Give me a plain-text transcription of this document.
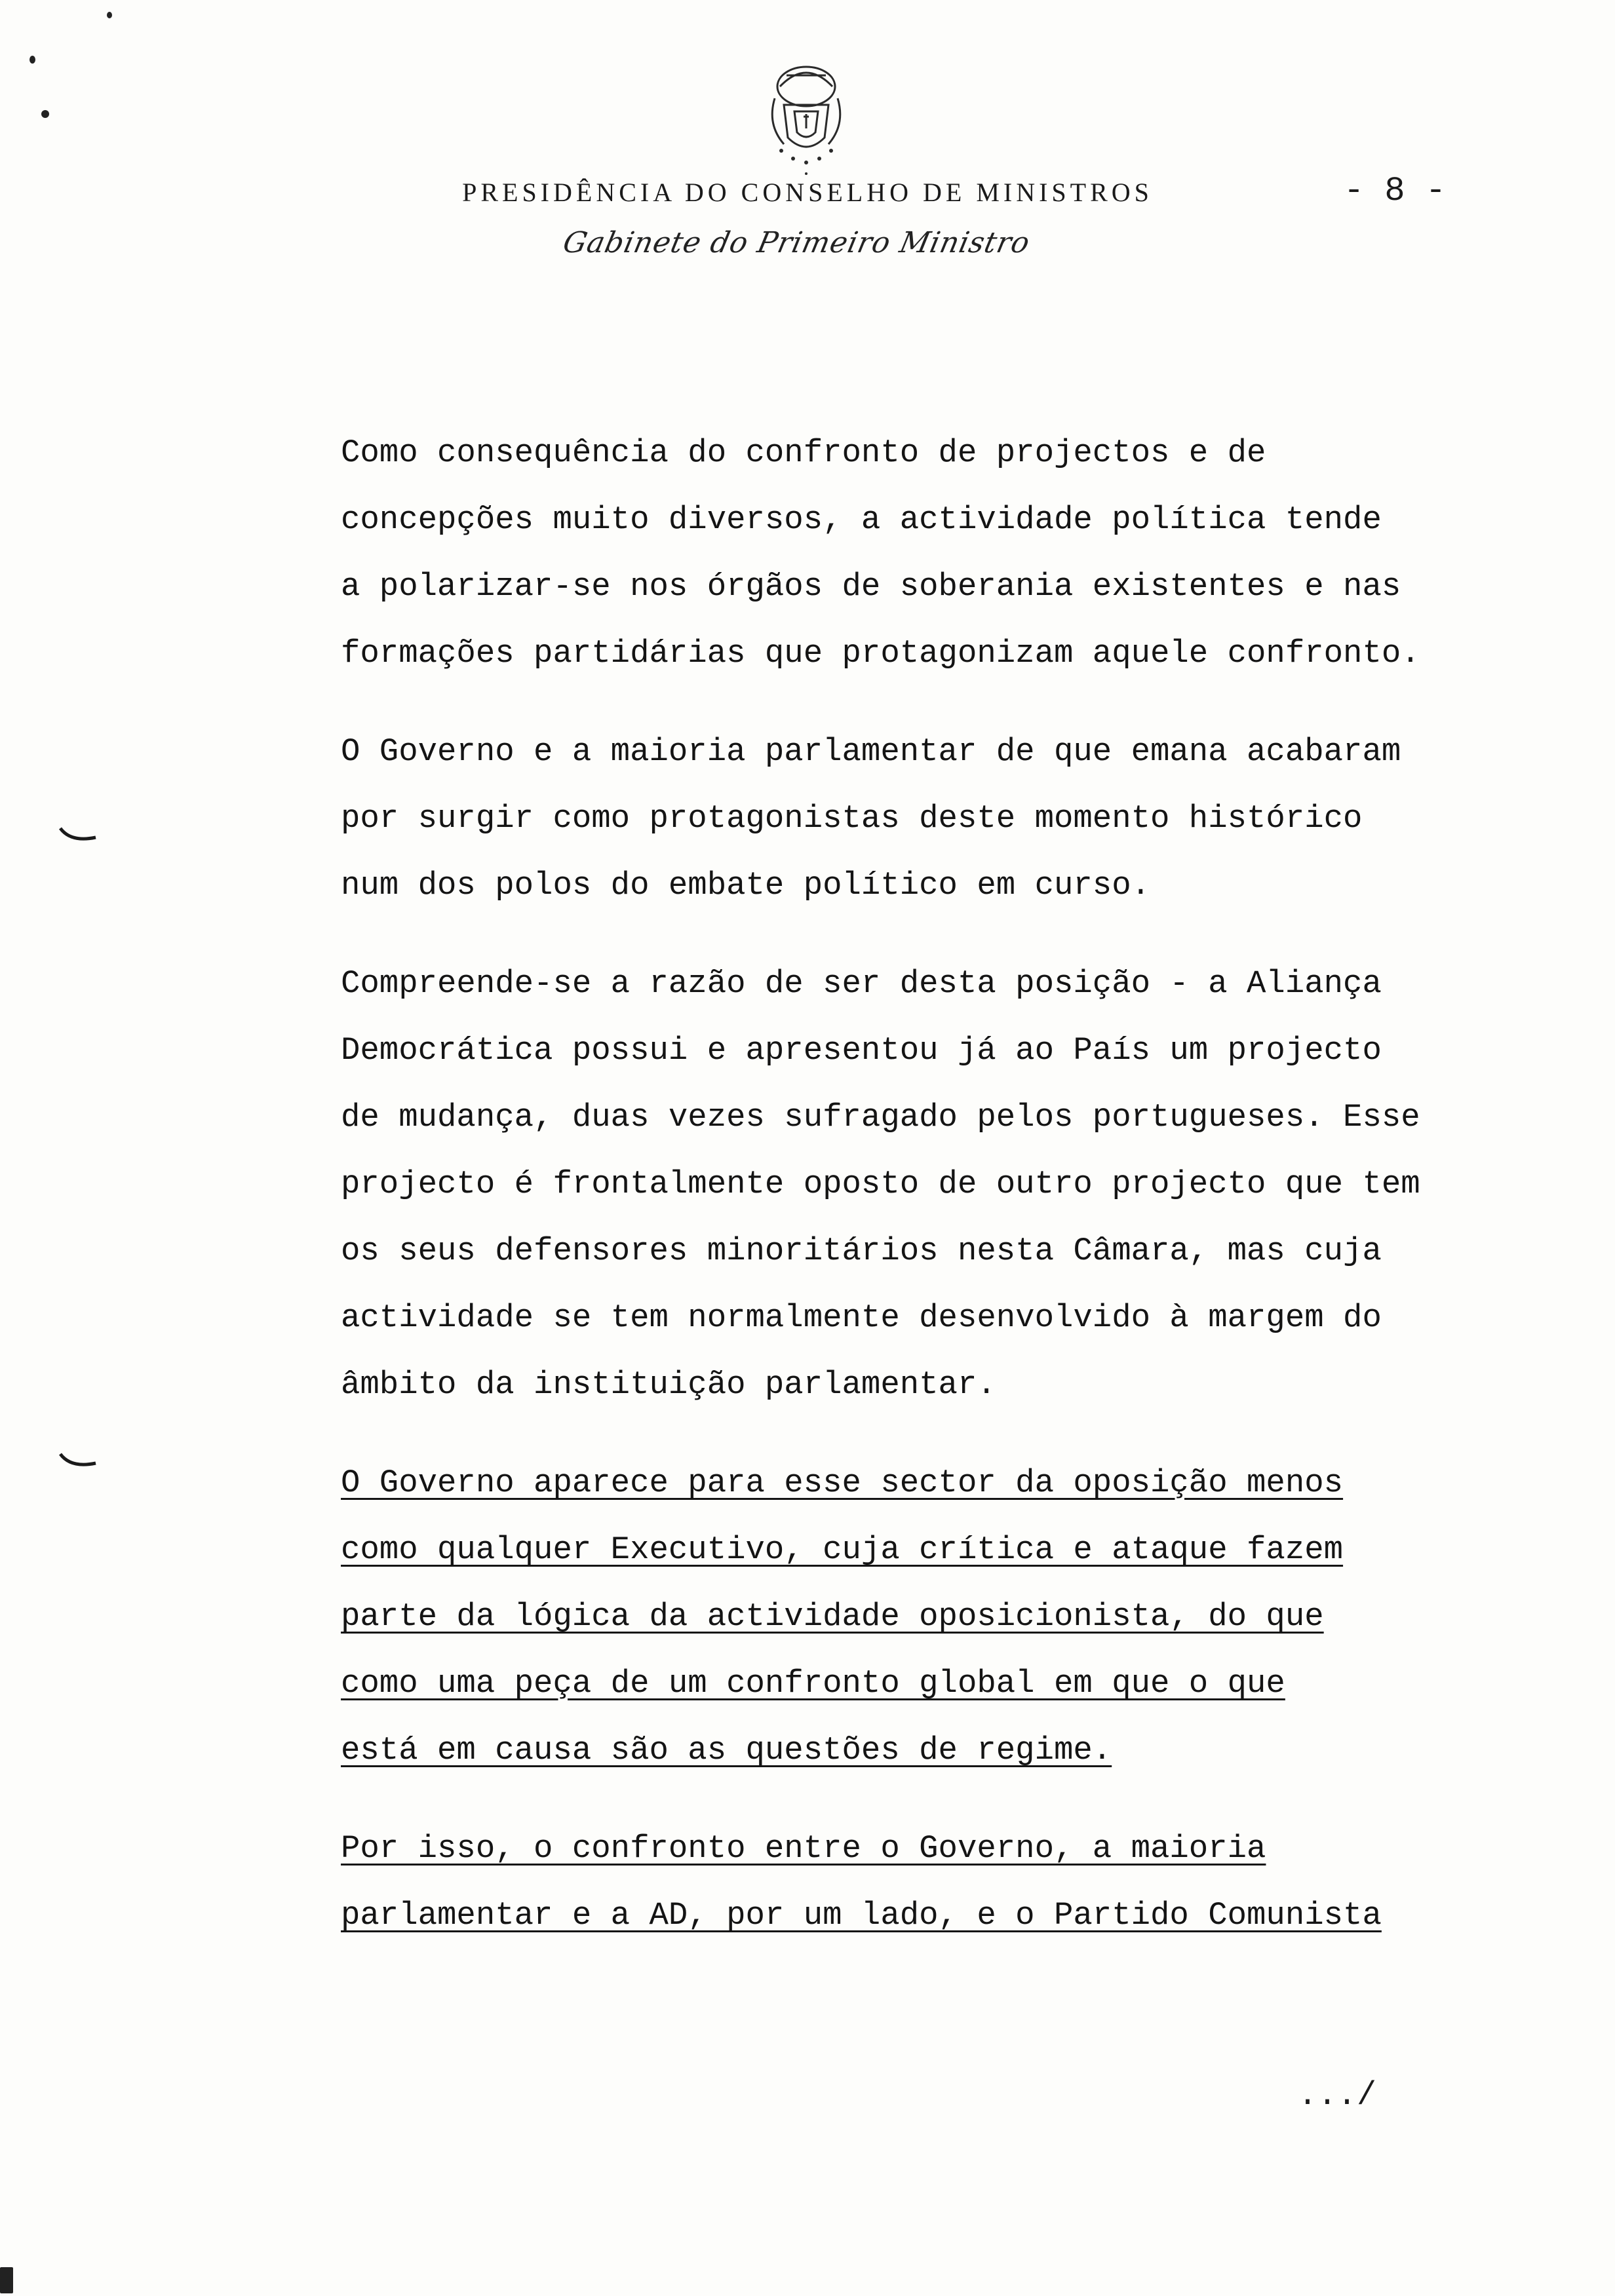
PRESIDÊNCIA DO CONSELHO DE MINISTROS	- 8 -
Gabinete do Primeiro Ministro
Como consequência do confronto de projectos e de
concepções muito diversos, a actividade política tende
a polarizar-se nos órgãos de soberania existentes e nas
formações partidárias que protagonizam aquele confronto.
O Governo e a maioria parlamentar de que emana acabaram
por surgir como protagonistas deste momento histórico
num dos polos do embate político em curso.
Compreende-se a razão de ser desta posição - a Aliança
Democrática possui e apresentou já ao País um projecto
de mudança, duas vezes sufragado pelos portugueses. Esse
projecto é frontalmente oposto de outro projecto que tem
os seus defensores minoritários nesta Câmara, mas cuja
actividade se tem normalmente desenvolvido à margem do
âmbito da instituição parlamentar.
O Governo aparece para esse sector da oposição menos
como qualquer Executivo, cuja crítica e ataque fazem
parte da lógica da actividade oposicionista, do que
como uma peça de um confronto global em que o que
está em causa são as questões de regime.
Por isso, o confronto entre o Governo, a maioria
parlamentar e a AD, por um lado, e o Partido Comunista
.../
